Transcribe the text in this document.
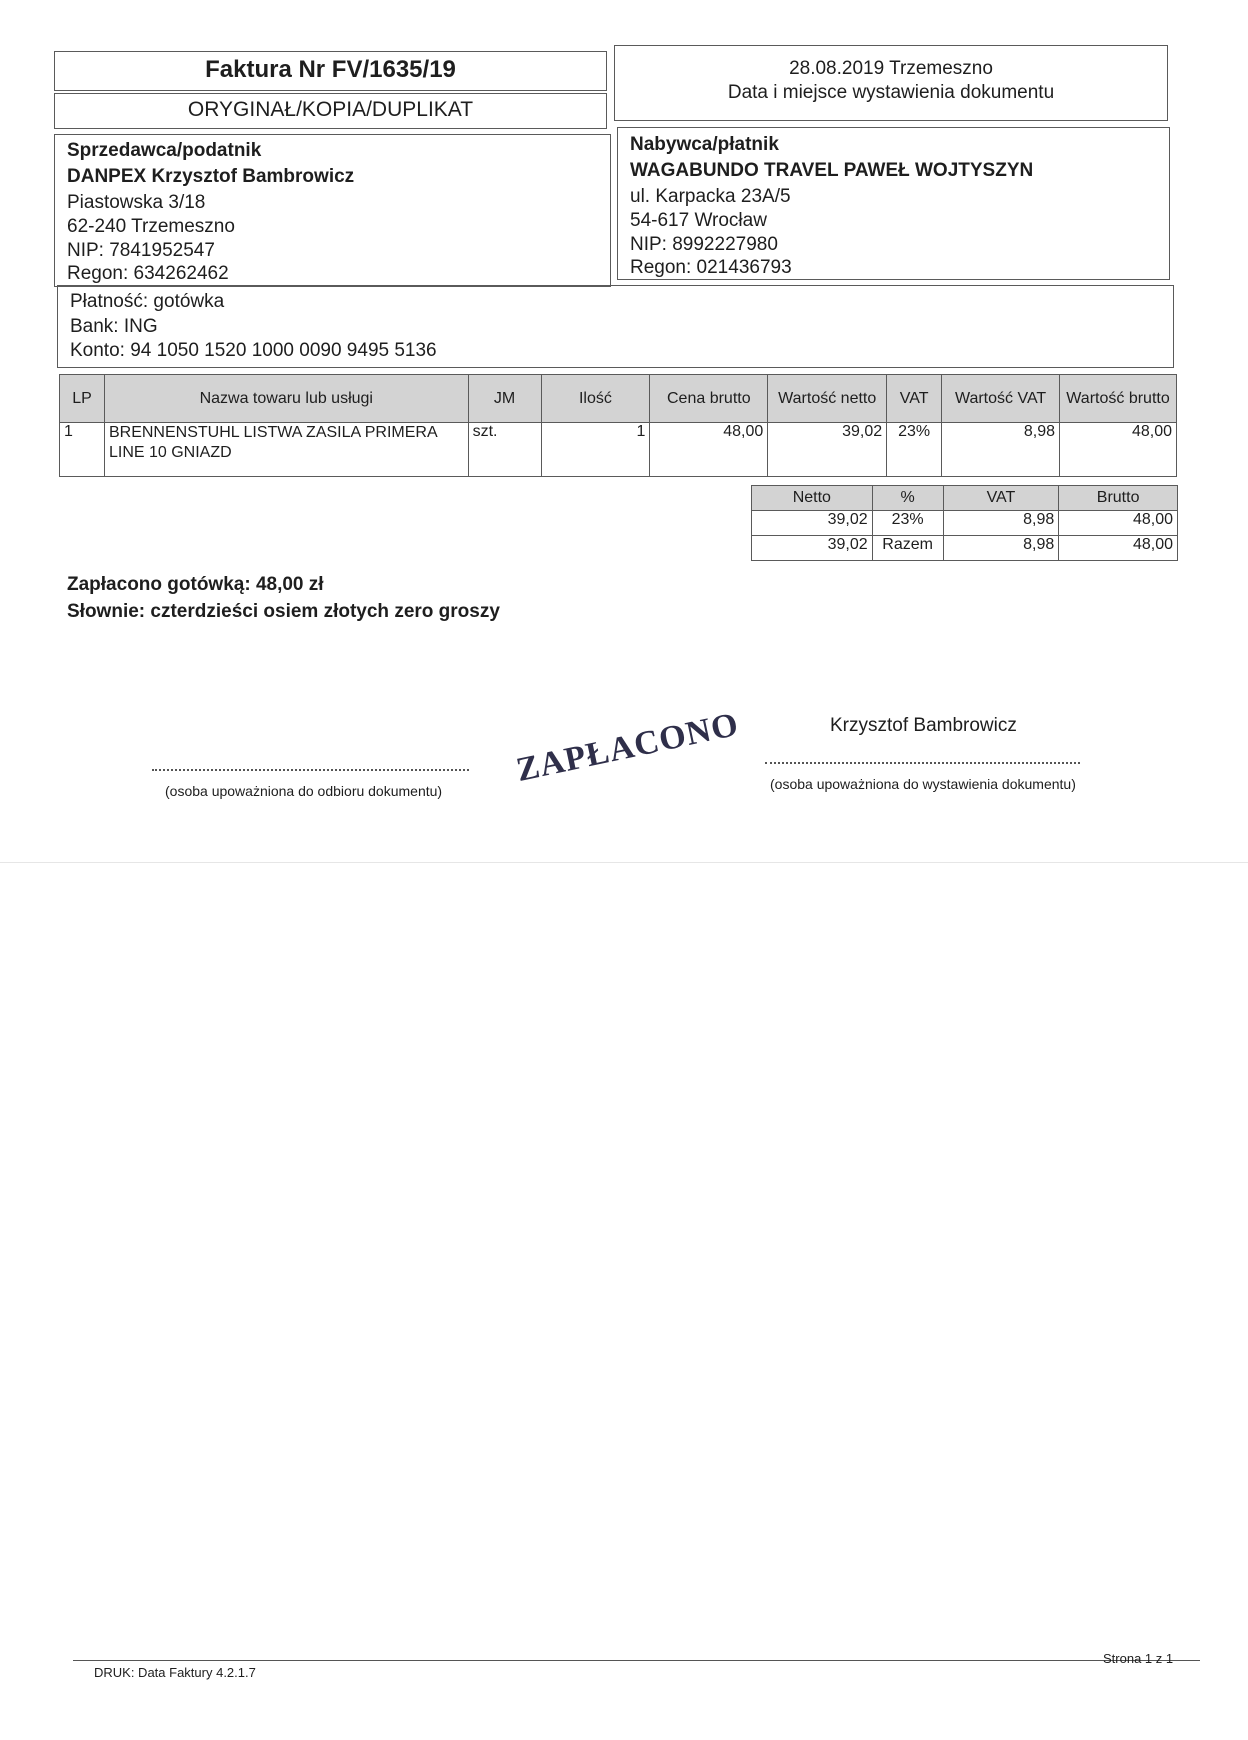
Faktura Nr FV/1635/19
ORYGINAŁ/KOPIA/DUPLIKAT
28.08.2019 Trzemeszno
Data i miejsce wystawienia dokumentu
Sprzedawca/podatnik
DANPEX Krzysztof Bambrowicz
Piastowska 3/18
62-240 Trzemeszno
NIP: 7841952547
Regon: 634262462
Nabywca/płatnik
WAGABUNDO TRAVEL PAWEŁ WOJTYSZYN
ul. Karpacka 23A/5
54-617 Wrocław
NIP: 8992227980
Regon: 021436793
Płatność: gotówka
Bank: ING
Konto: 94 1050 1520 1000 0090 9495 5136
LP	Nazwa towaru lub usługi	JM	Ilość	Cena brutto	Wartość netto	VAT	Wartość VAT	Wartość brutto
1	BRENNENSTUHL LISTWA ZASILA PRIMERA LINE 10 GNIAZD	szt.	1	48,00	39,02	23%	8,98	48,00
Netto	%	VAT	Brutto
39,02	23%	8,98	48,00
39,02	Razem	8,98	48,00
Zapłacono gotówką: 48,00 zł
Słownie: czterdzieści osiem złotych zero groszy
(osoba upoważniona do odbioru dokumentu)
ZAPŁACONO	Krzysztof Bambrowicz
(osoba upoważniona do wystawienia dokumentu)
DRUK: Data Faktury 4.2.1.7
Strona 1 z 1
